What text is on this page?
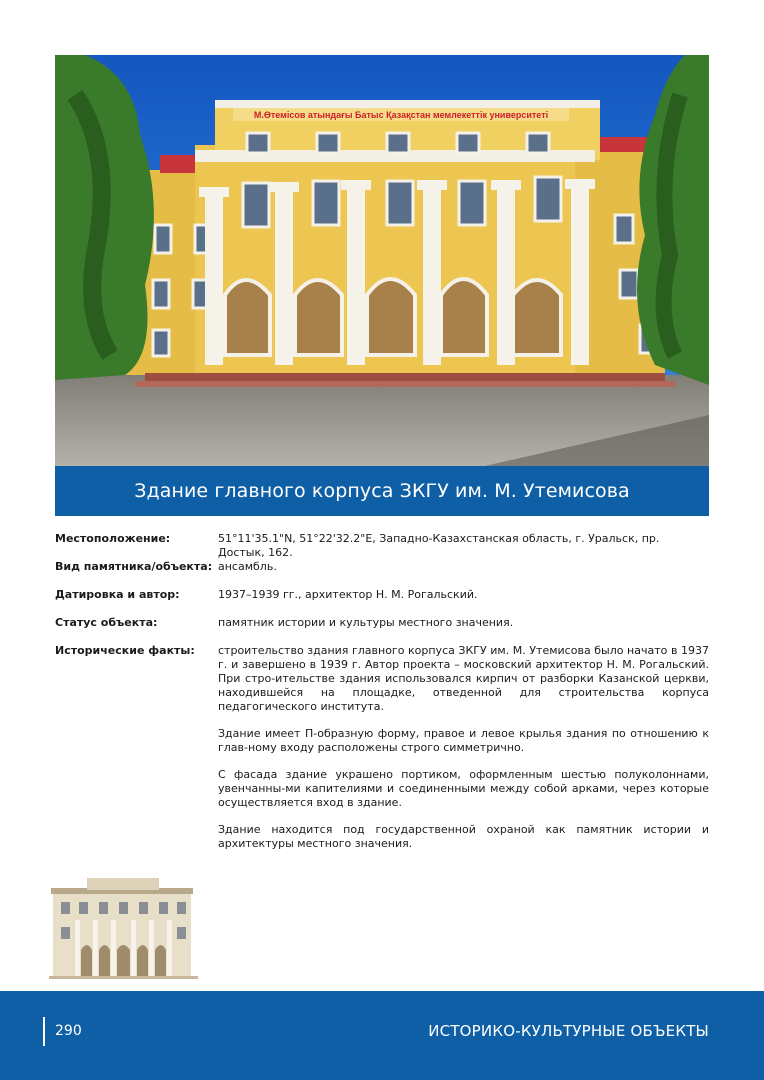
М.Өтемісов атындағы Батыс Қазақстан мемлекеттік университеті
Здание главного корпуса ЗКГУ им. М. Утемисова
Местоположение:	51°11'35.1"N, 51°22'32.2"E, Западно-Казахстанская область, г. Уральск, пр. Достык, 162.
Вид памятника/объекта: ансамбль.
Датировка и автор:	1937–1939 гг., архитектор Н. М. Рогальский.
Статус объекта:	памятник истории и культуры местного значения.
Исторические факты:	строительство здания главного корпуса ЗКГУ им. М. Утемисова было начато в 1937 г. и завершено в 1939 г. Автор проекта – московский архитектор Н. М. Рогальский. При стро-ительстве здания использовался кирпич от разборки Казанской церкви, находившейся на площадке, отведенной для строительства корпуса педагогического института.

Здание имеет П-образную форму, правое и левое крылья здания по отношению к глав-ному входу расположены строго симметрично.

С фасада здание украшено портиком, оформленным шестью полуколоннами, увенчанны-ми капителиями и соединенными между собой арками, через которые осуществляется вход в здание.

Здание находится под государственной охраной как памятник истории и архитектуры местного значения.

290	ИСТОРИКО-КУЛЬТУРНЫЕ ОБЪЕКТЫ
